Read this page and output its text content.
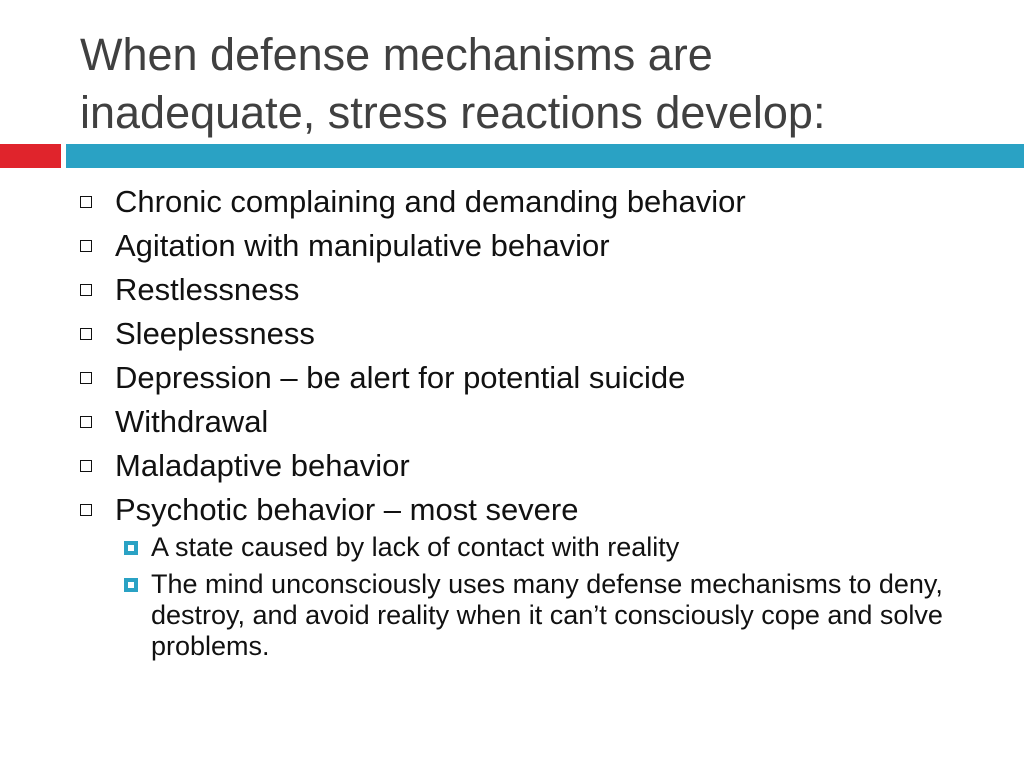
When defense mechanisms are
inadequate, stress reactions develop:
Chronic complaining and demanding behavior
Agitation with manipulative behavior
Restlessness
Sleeplessness
Depression – be alert for potential suicide
Withdrawal
Maladaptive behavior
Psychotic behavior – most severe
A state caused by lack of contact with reality
The mind unconsciously uses many defense mechanisms to deny, destroy, and avoid reality when it can’t consciously cope and solve problems.
